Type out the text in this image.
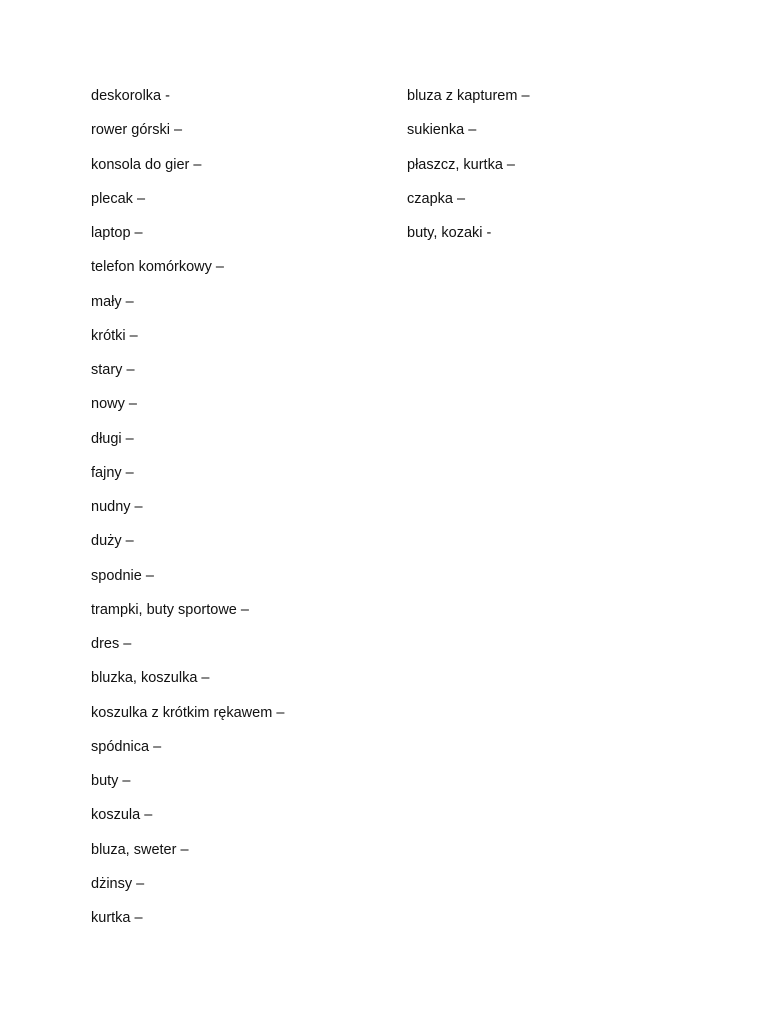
deskorolka -
rower górski –
konsola do gier –
plecak –
laptop –
telefon komórkowy –
mały –
krótki –
stary –
nowy –
długi –
fajny –
nudny –
duży –
spodnie –
trampki, buty sportowe –
dres –
bluzka, koszulka –
koszulka z krótkim rękawem –
spódnica –
buty –
koszula –
bluza, sweter –
dżinsy –
kurtka –
bluza z kapturem –
sukienka –
płaszcz, kurtka –
czapka –
buty, kozaki -
